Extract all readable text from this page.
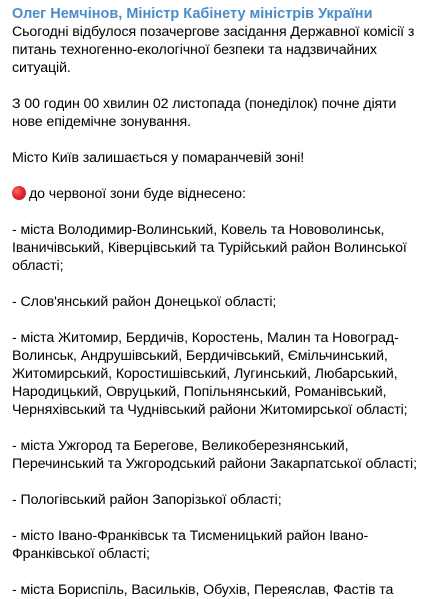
Олег Немчінов, Міністр Кабінету міністрів України

Сьогодні відбулося позачергове засідання Державної комісії з питань техногенно-екологічної безпеки та надзвичайних ситуацій.

З 00 годин 00 хвилин 02 листопада (понеділок) почне діяти нове епідемічне зонування.

Місто Київ залишається у помаранчевій зоні!

до червоної зони буде віднесено:

- міста Володимир-Волинський, Ковель та Нововолинськ, Іваничівський, Ківерцівський та Турійський район Волинської області;

- Слов'янський район Донецької області;

- міста Житомир, Бердичів, Коростень, Малин та Новоград-Волинськ, Андрушівський, Бердичівський, Ємільчинський, Житомирський, Коростишівський, Лугинський, Любарський, Народицький, Овруцький, Попільнянський, Романівський, Черняхівський та Чуднівський райони Житомирської області;

- міста Ужгород та Берегове, Великоберезнянський, Перечинський та Ужгородський райони Закарпатської області;

- Пологівський район Запорізької області;

- місто Івано-Франківськ та Тисменицький район Івано-Франківської області;

- міста Бориспіль, Васильків, Обухів, Переяслав, Фастів та
